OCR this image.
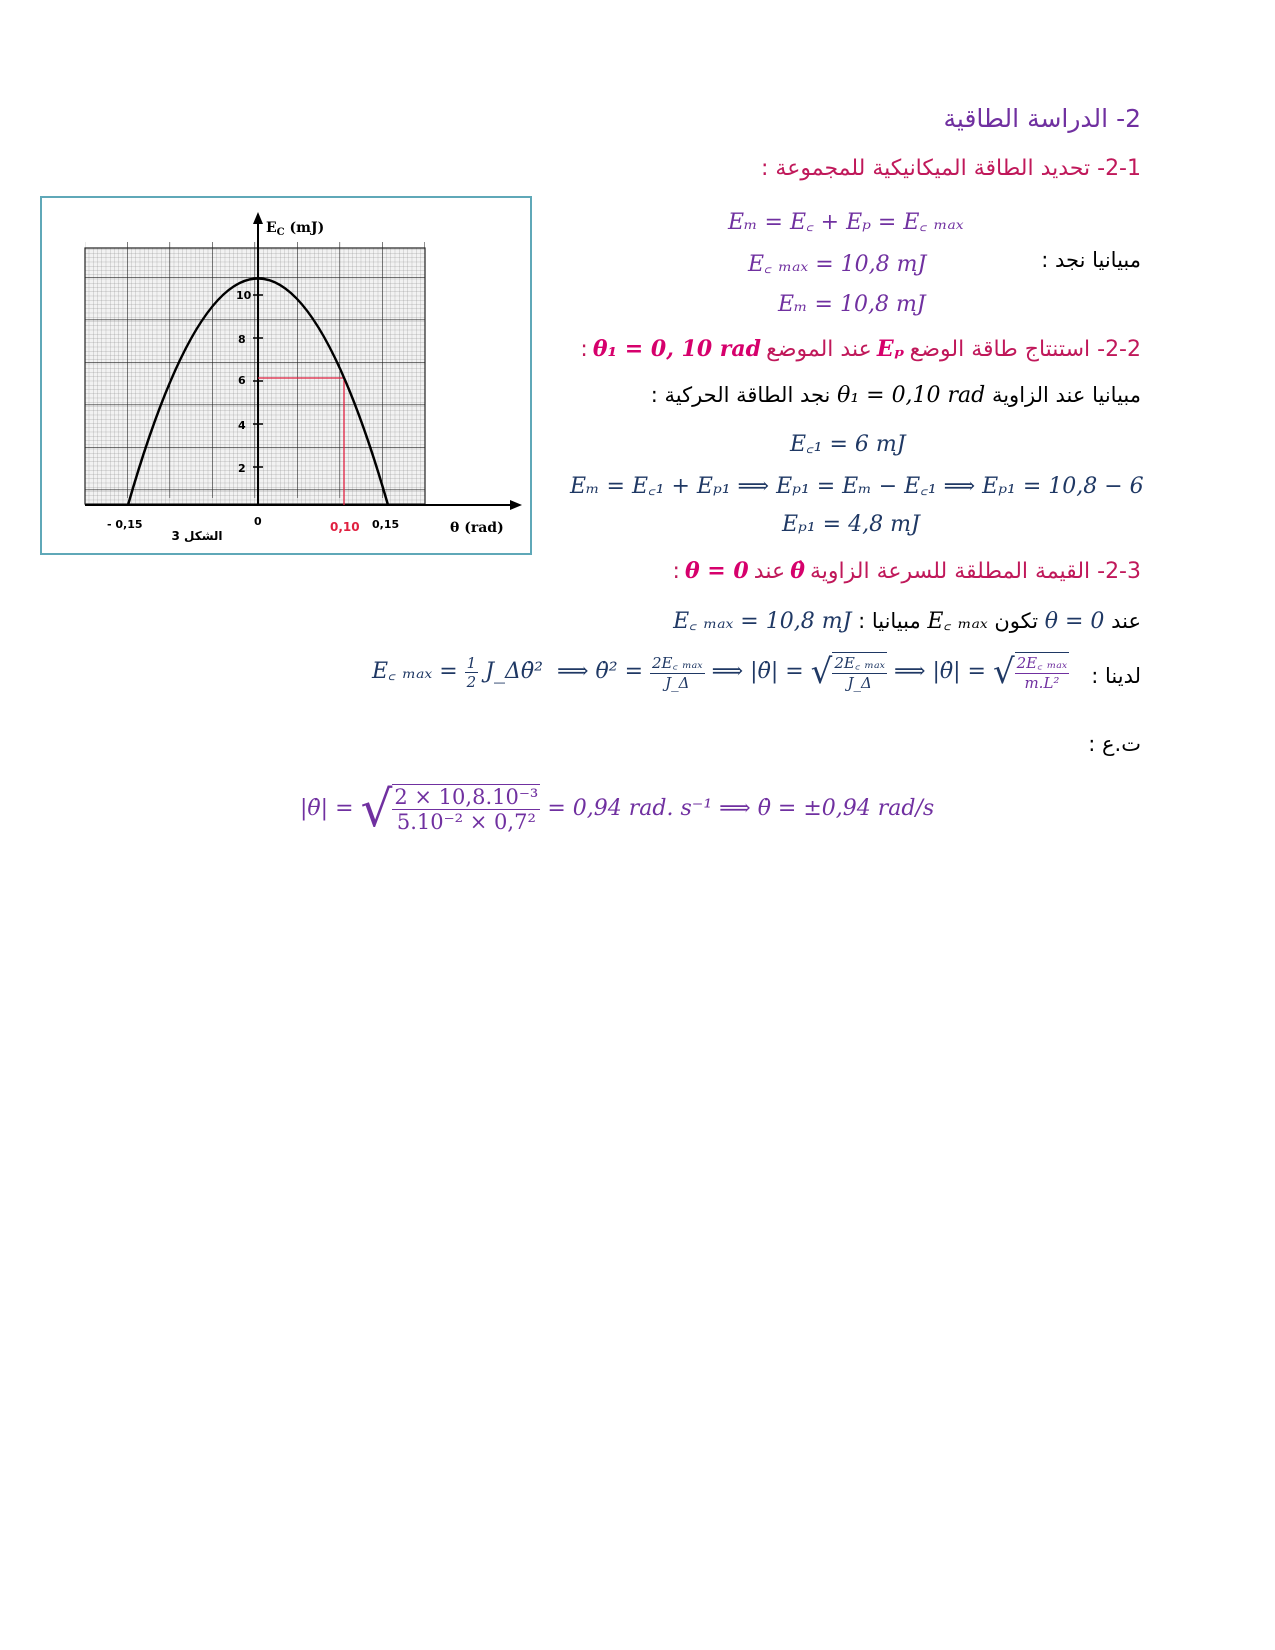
2- الدراسة الطاقية
2-1- تحديد الطاقة الميكانيكية للمجموعة :
Eₘ = E꜀ + Eₚ = E꜀ ₘₐₓ
مبيانيا نجد :
E꜀ ₘₐₓ = 10,8 mJ
Eₘ = 10,8 mJ
2-2- استنتاج طاقة الوضع Eₚ عند الموضع θ₁ = 0, 10 rad :
مبيانيا عند الزاوية θ₁ = 0,10 rad نجد الطاقة الحركية :
E꜀₁ = 6 mJ
Eₘ = E꜀₁ + Eₚ₁ ⟹ Eₚ₁ = Eₘ − E꜀₁ ⟹ Eₚ₁ = 10,8 − 6
Eₚ₁ = 4,8 mJ
2-3- القيمة المطلقة للسرعة الزاوية θ̇ عند θ = 0 :
عند θ = 0 تكون E꜀ ₘₐₓ مبيانيا : E꜀ ₘₐₓ = 10,8 mJ
لدينا :
E꜀ $_{max} = \frac{1}{2}$ J_Δθ̇² ⟹ θ̇² = $\frac{\text{2E꜀ ₘₐₓ}}{J\_\Delta}$ ⟹ |θ̇| = √ $\frac{\text{2E꜀ ₘₐₓ}}{J\_\Delta}$ ⟹ |θ̇| = √ $\frac{\text{2E꜀ ₘₐₓ}}{\text{m.L²}}$
ت.ع :
|θ̇| = √ $\frac{\text{2 × 10,8.10⁻³}}{\text{5.10⁻² × 0,7²}} = 0,94$ rad. s⁻¹ ⟹ θ̇ = ±0,94 rad/s
$E_C$ (mJ)
2
4
6
8
10
- 0,15	0	0,10 0,15	θ (rad)
الشكل 3
